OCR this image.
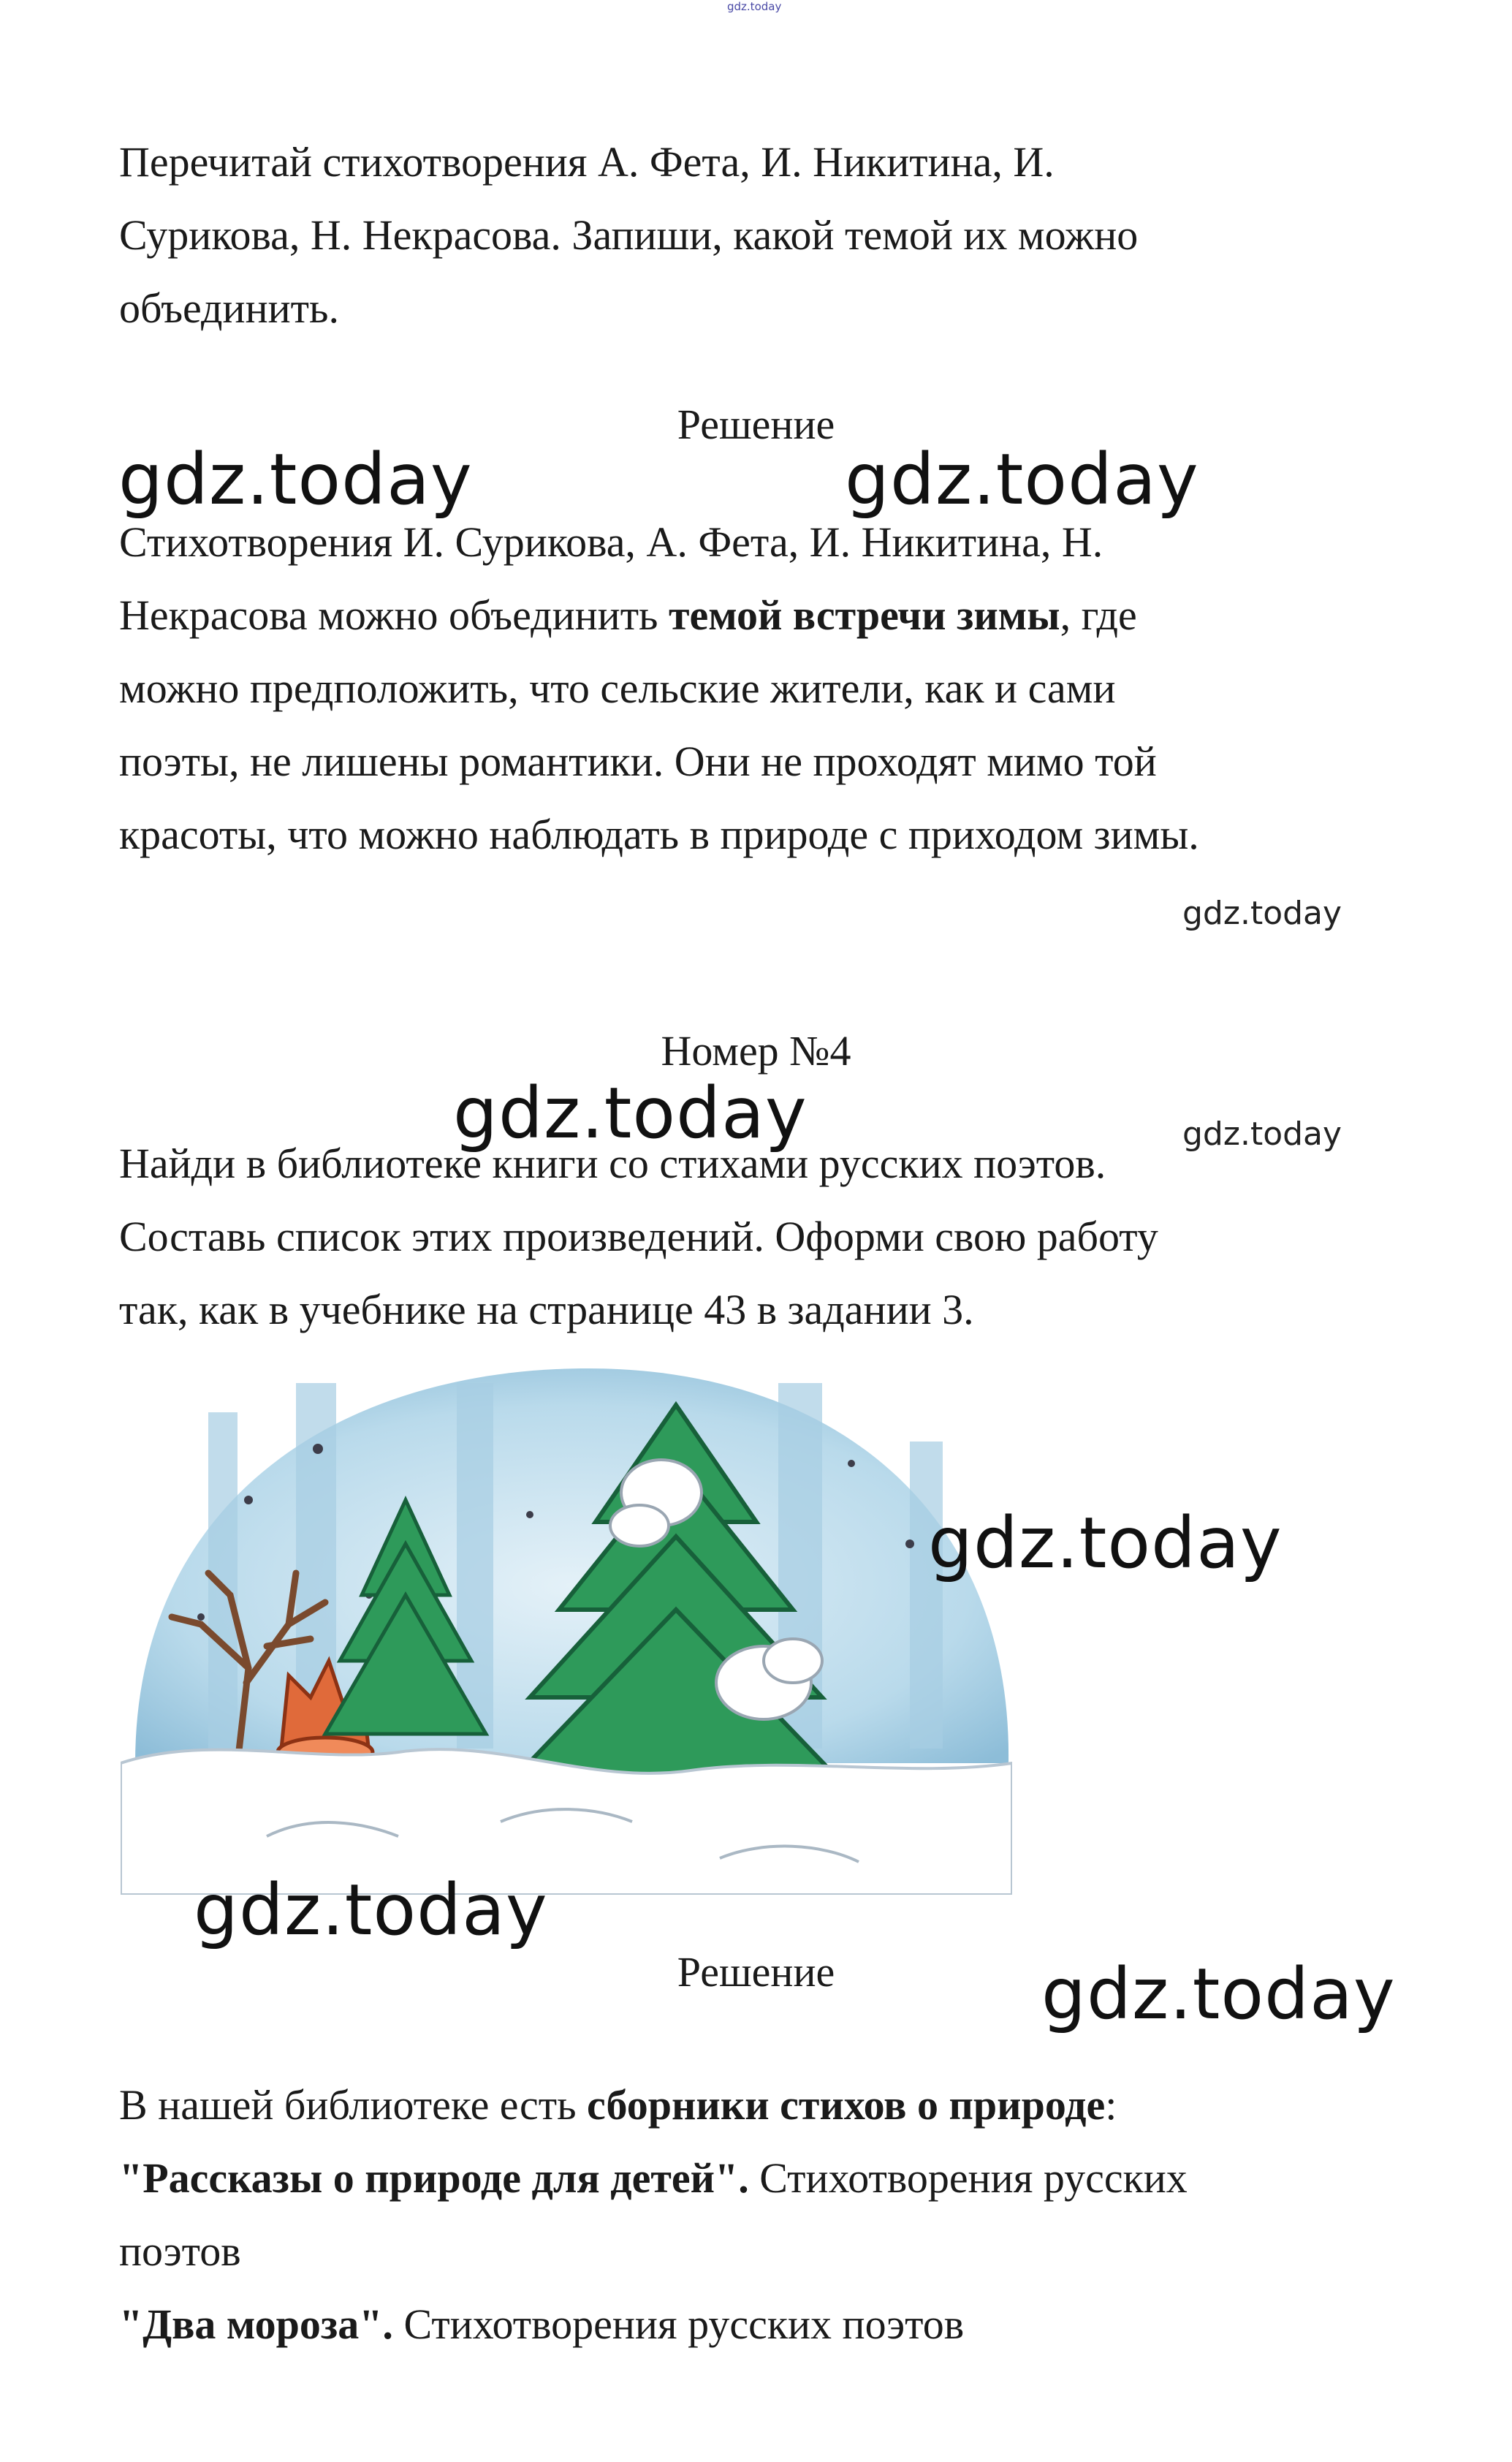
gdz.today
Перечитай стихотворения А. Фета, И. Никитина, И.
Сурикова, Н. Некрасова. Запиши, какой темой их можно
объединить.
Решение
gdz.today	gdz.today
Стихотворения И. Сурикова, А. Фета, И. Никитина, Н.
Некрасова можно объединить темой встречи зимы, где
можно предположить, что сельские жители, как и сами
поэты, не лишены романтики. Они не проходят мимо той
красоты, что можно наблюдать в природе с приходом зимы.
gdz.today
Номер №4
gdz.today	gdz.today
Найди в библиотеке книги со стихами русских поэтов.
Составь список этих произведений. Оформи свою работу
так, как в учебнике на странице 43 в задании 3.
gdz.today
gdz.today
Решение	gdz.today
В нашей библиотеке есть сборники стихов о природе:
"Рассказы о природе для детей". Стихотворения русских
поэтов
"Два мороза". Стихотворения русских поэтов
